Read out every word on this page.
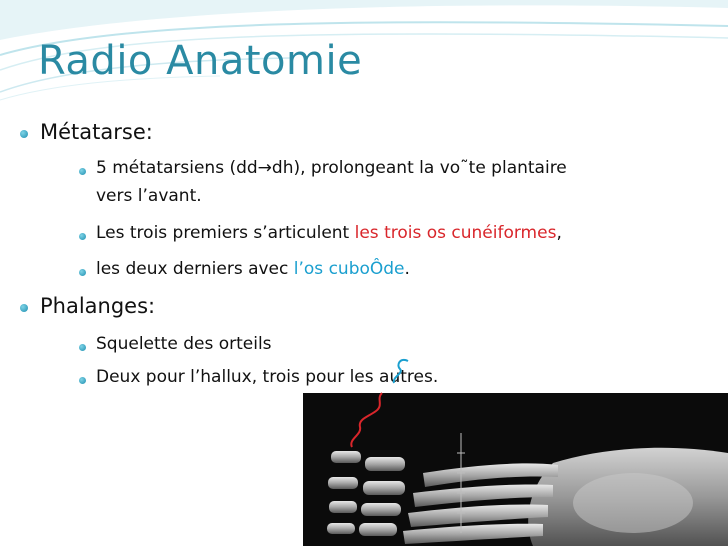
Radio Anatomie
Métatarse:
5 métatarsiens (dd→dh), prolongeant la vo˜te plantaire
vers l’avant.
Les trois premiers s’articulent les trois os cunéiformes,
les deux derniers avec l’os cuboÔde.
Phalanges:
Squelette des orteils
Deux pour l’hallux, trois pour les autres.
